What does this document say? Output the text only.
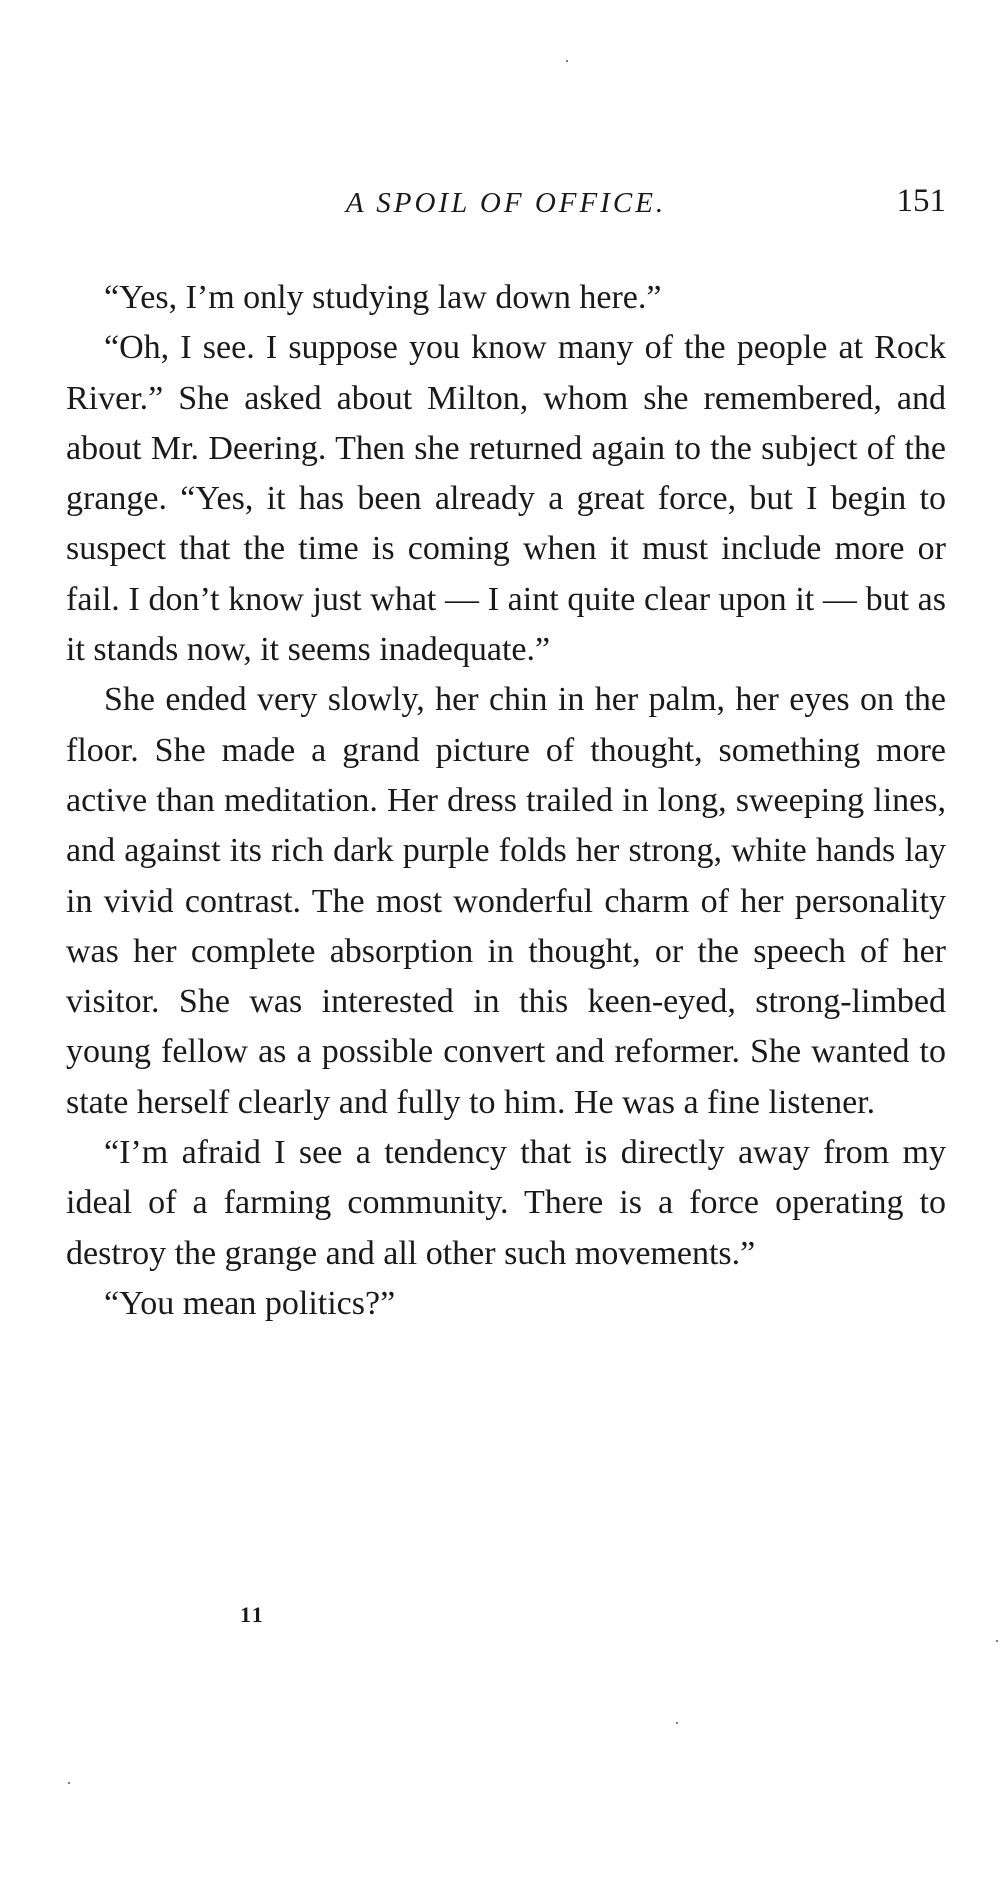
A SPOIL OF OFFICE.	151

“Yes, I’m only studying law down here.”

“Oh, I see. I suppose you know many of the people at Rock River.” She asked about Milton, whom she remembered, and about Mr. Deering. Then she returned again to the subject of the grange. “Yes, it has been already a great force, but I begin to suspect that the time is coming when it must include more or fail. I don’t know just what — I aint quite clear upon it — but as it stands now, it seems inadequate.”

She ended very slowly, her chin in her palm, her eyes on the floor. She made a grand picture of thought, something more active than meditation. Her dress trailed in long, sweeping lines, and against its rich dark purple folds her strong, white hands lay in vivid contrast. The most wonderful charm of her personality was her complete absorption in thought, or the speech of her visitor. She was interested in this keen-eyed, strong-limbed young fellow as a possible convert and reformer. She wanted to state herself clearly and fully to him. He was a fine listener.

“I’m afraid I see a tendency that is directly away from my ideal of a farming community. There is a force operating to destroy the grange and all other such movements.”

“You mean politics?”

11
